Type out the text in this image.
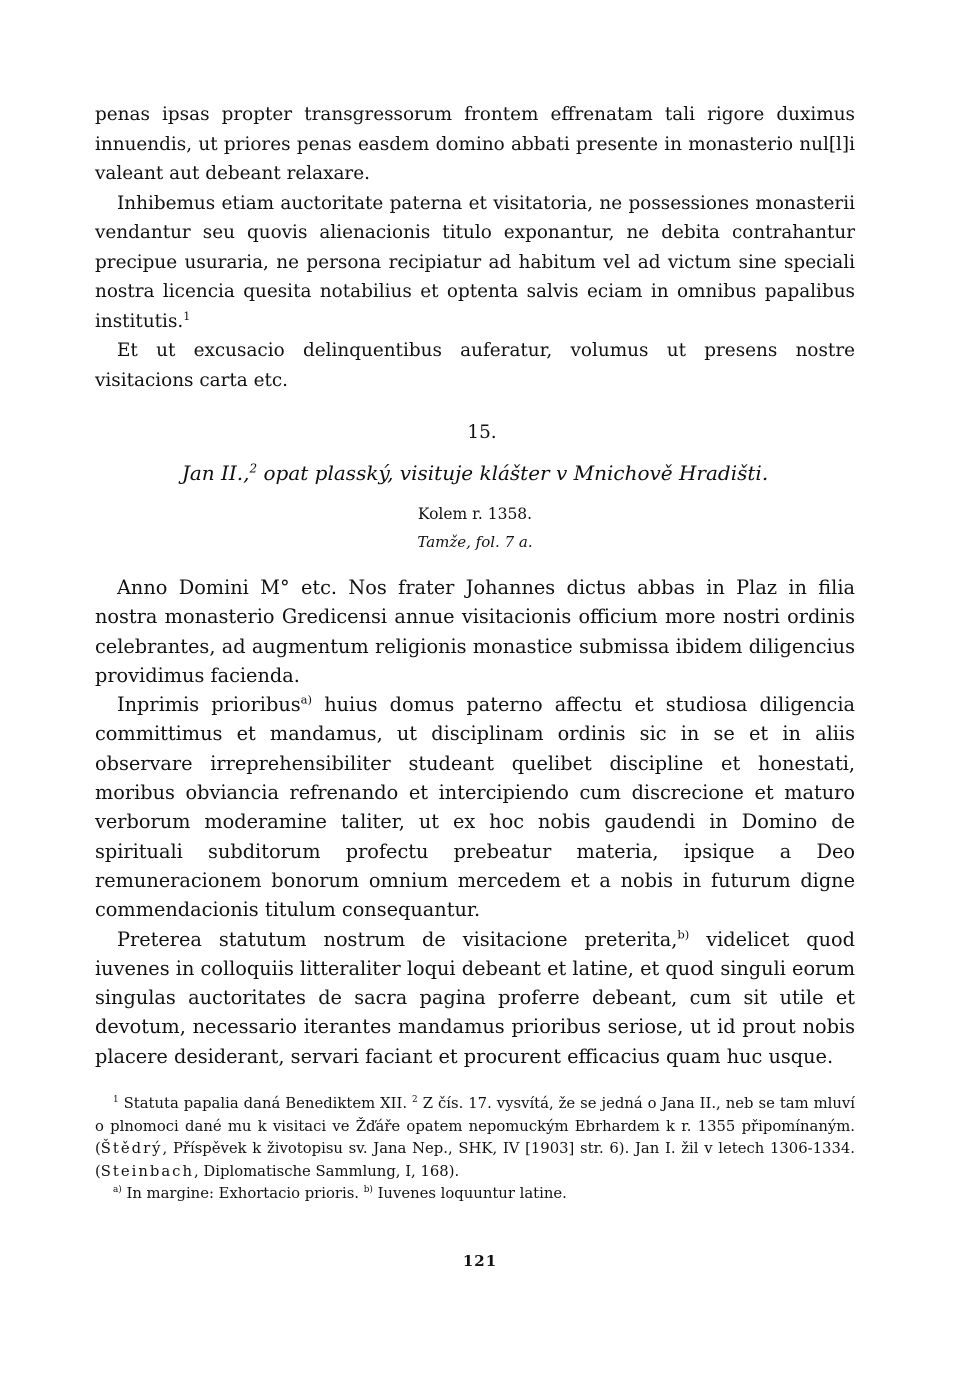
penas ipsas propter transgressorum frontem effrenatam tali rigore duximus innuendis, ut priores penas easdem domino abbati presente in monasterio nul[l]i valeant aut debeant relaxare.

Inhibemus etiam auctoritate paterna et visitatoria, ne possessiones monasterii vendantur seu quovis alienacionis titulo exponantur, ne debita contrahantur precipue usuraria, ne persona recipiatur ad habitum vel ad victum sine speciali nostra licencia quesita notabilius et optenta salvis eciam in omnibus papalibus institutis.$^1$

Et ut excusacio delinquentibus auferatur, volumus ut presens nostre visitacions carta etc.

15.
Jan II.,$^2$ opat plasský, visituje klášter v Mnichově Hradišti.
Kolem r. 1358.
Tamže, fol. 7 a.

Anno Domini M° etc. Nos frater Johannes dictus abbas in Plaz in filia nostra monasterio Gredicensi annue visitacionis officium more nostri ordinis celebrantes, ad augmentum religionis monastice submissa ibidem diligencius providimus facienda.

Inprimis prioribus$^{a)}$ huius domus paterno affectu et studiosa diligencia committimus et mandamus, ut disciplinam ordinis sic in se et in aliis observare irreprehensibiliter studeant quelibet discipline et honestati, moribus obviancia refrenando et intercipiendo cum discrecione et maturo verborum moderamine taliter, ut ex hoc nobis gaudendi in Domino de spirituali subditorum profectu prebeatur materia, ipsique a Deo remuneracionem bonorum omnium mercedem et a nobis in futurum digne commendacionis titulum consequantur.

Preterea statutum nostrum de visitacione preterita,$^{b)}$ videlicet quod iuvenes in colloquiis litteraliter loqui debeant et latine, et quod singuli eorum singulas auctoritates de sacra pagina proferre debeant, cum sit utile et devotum, necessario iterantes mandamus prioribus seriose, ut id prout nobis placere desiderant, servari faciant et procurent efficacius quam huc usque.

$^1$ Statuta papalia daná Benediktem XII. $^2$ Z čís. 17. vysvítá, že se jedná o Jana II., neb se tam mluví o plnomoci dané mu k visitaci ve Žďáře opatem nepomuckým Ebrhardem k r. 1355 připomínaným. (Štědrý, Příspěvek k životopisu sv. Jana Nep., SHK, IV [1903] str. 6). Jan I. žil v letech 1306-1334. (Steinbach, Diplomatische Sammlung, I, 168).

$^{a)}$ In margine: Exhortacio prioris. $^{b)}$ Iuvenes loquuntur latine.

121
